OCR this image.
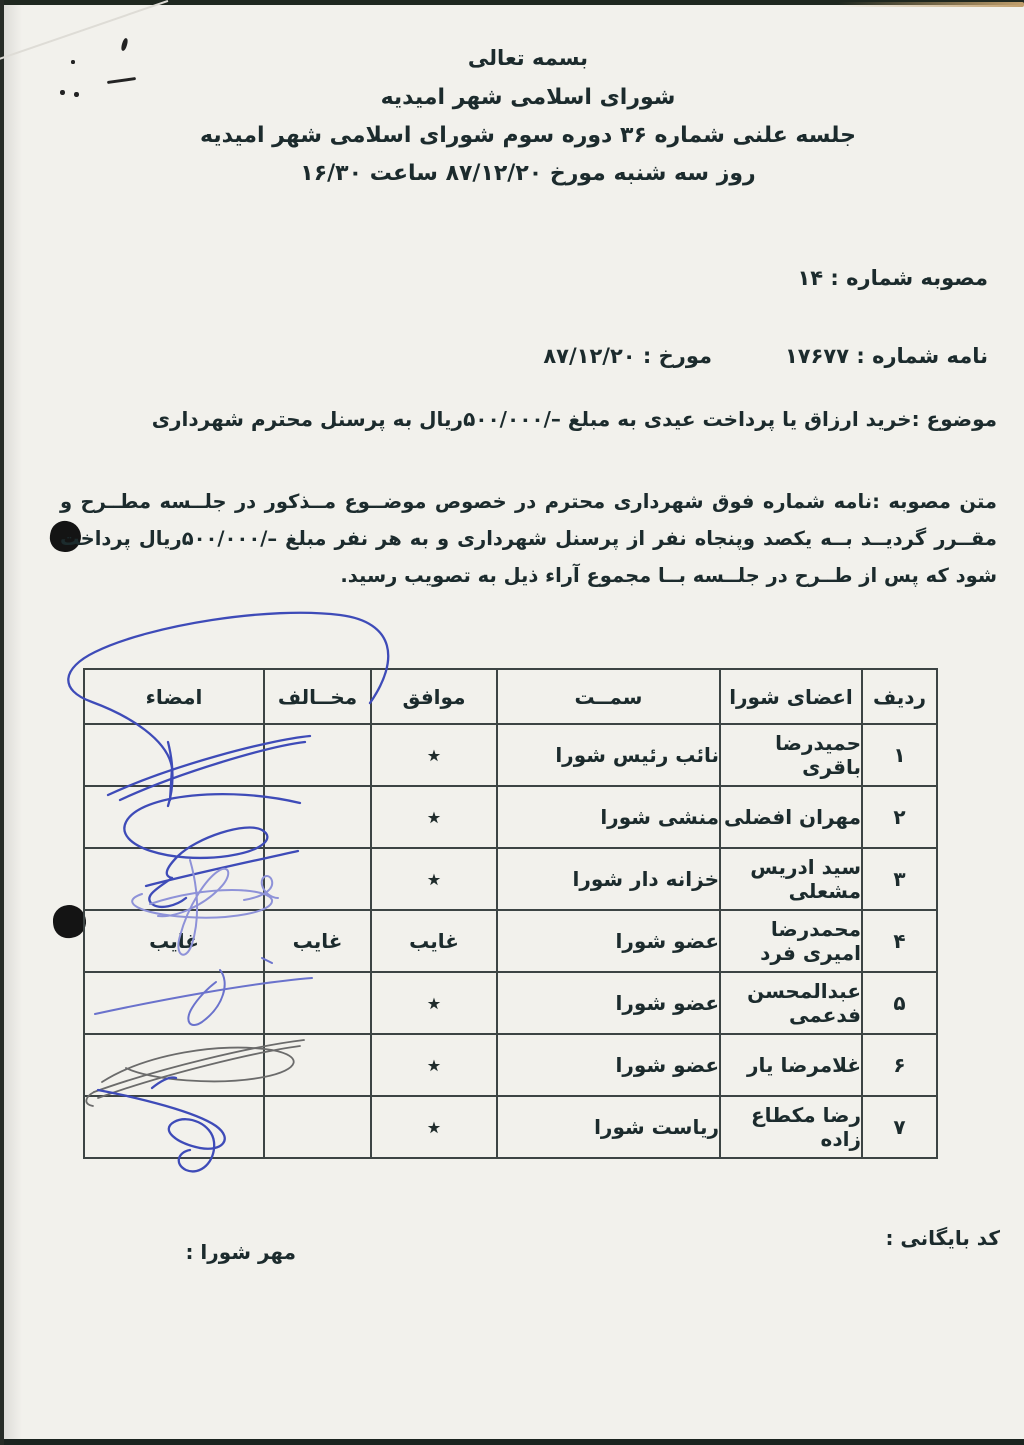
بسمه تعالی
شورای اسلامی شهر امیدیه
جلسه علنی شماره ۳۶ دوره سوم شورای اسلامی شهر امیدیه
روز سه شنبه مورخ ۸۷/۱۲/۲۰ ساعت ۱۶/۳۰
مصوبه شماره : ۱۴
نامه شماره : ۱۷۶۷۷
مورخ : ۸۷/۱۲/۲۰
موضوع :خرید ارزاق یا پرداخت عیدی به مبلغ –/۵۰۰/۰۰۰ریال به پرسنل محترم شهرداری
متن مصوبه :نامه شماره فوق شهرداری محترم در خصوص موضــوع مــذکور در جلــسه مطــرح و مقــرر گردیــد بــه یکصد وپنجاه نفر از پرسنل شهرداری و به هر نفر مبلغ –/۵۰۰/۰۰۰ریال پرداخت شود که پس از طــرح در جلــسه بــا مجموع آراء ذیل به تصویب رسید.
ردیف	اعضای شورا	سمــت	موافق	مخــالف	امضاء
۱	حمیدرضا باقری	نائب رئیس شورا	٭		
۲	مهران افضلی	منشی شورا	٭		
۳	سید ادریس مشعلی	خزانه دار شورا	٭		
۴	محمدرضا امیری فرد	عضو شورا	غایب	غایب	غایب
۵	عبدالمحسن فدعمی	عضو شورا	٭		
۶	غلامرضا یار	عضو شورا	٭		
۷	رضا مکطاع زاده	ریاست شورا	٭		
کد بایگانی :
مهر شورا :
